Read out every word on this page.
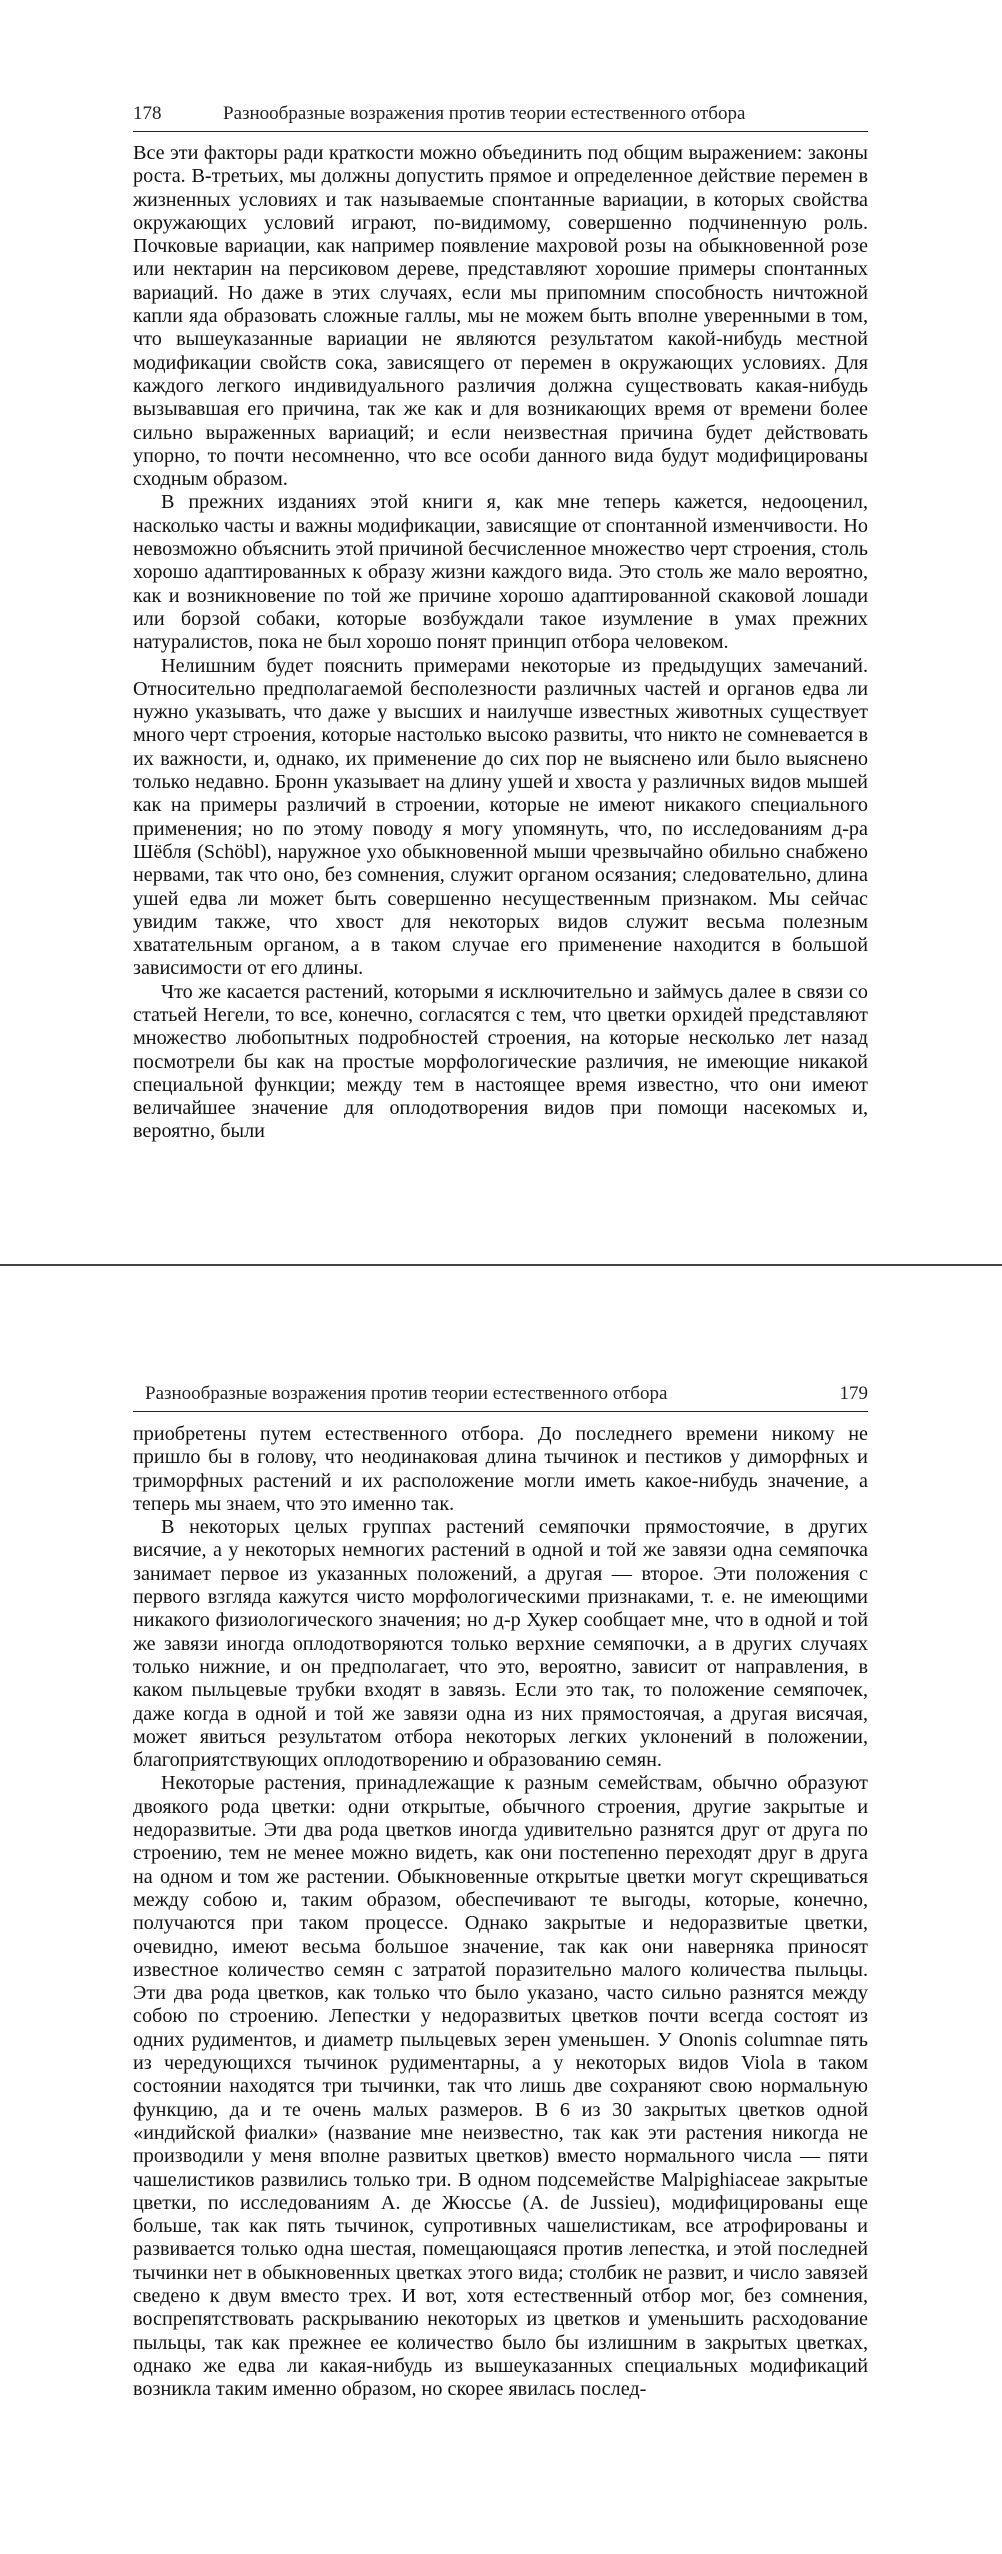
178	Разнообразные возражения против теории естественного отбора

Все эти факторы ради краткости можно объединить под общим выражением: законы роста. В-третьих, мы должны допустить прямое и определенное действие перемен в жизненных условиях и так называемые спонтанные вариации, в которых свойства окружающих условий играют, по-видимому, совершенно подчиненную роль. Почковые вариации, как например появление махровой розы на обыкновенной розе или нектарин на персиковом дереве, представляют хорошие примеры спонтанных вариаций. Но даже в этих случаях, если мы припомним способность ничтожной капли яда образовать сложные галлы, мы не можем быть вполне уверенными в том, что вышеуказанные вариации не являются результатом какой-нибудь местной модификации свойств сока, зависящего от перемен в окружающих условиях. Для каждого легкого индивидуального различия должна существовать какая-нибудь вызывавшая его причина, так же как и для возникающих время от времени более сильно выраженных вариаций; и если неизвестная причина будет действовать упорно, то почти несомненно, что все особи данного вида будут модифицированы сходным образом.

В прежних изданиях этой книги я, как мне теперь кажется, недооценил, насколько часты и важны модификации, зависящие от спонтанной изменчивости. Но невозможно объяснить этой причиной бесчисленное множество черт строения, столь хорошо адаптированных к образу жизни каждого вида. Это столь же мало вероятно, как и возникновение по той же причине хорошо адаптированной скаковой лошади или борзой собаки, которые возбуждали такое изумление в умах прежних натуралистов, пока не был хорошо понят принцип отбора человеком.

Нелишним будет пояснить примерами некоторые из предыдущих замечаний. Относительно предполагаемой бесполезности различных частей и органов едва ли нужно указывать, что даже у высших и наилучше известных животных существует много черт строения, которые настолько высоко развиты, что никто не сомневается в их важности, и, однако, их применение до сих пор не выяснено или было выяснено только недавно. Бронн указывает на длину ушей и хвоста у различных видов мышей как на примеры различий в строении, которые не имеют никакого специального применения; но по этому поводу я могу упомянуть, что, по исследованиям д-ра Шёбля (Schöbl), наружное ухо обыкновенной мыши чрезвычайно обильно снабжено нервами, так что оно, без сомнения, служит органом осязания; следовательно, длина ушей едва ли может быть совершенно несущественным признаком. Мы сейчас увидим также, что хвост для некоторых видов служит весьма полезным хватательным органом, а в таком случае его применение находится в большой зависимости от его длины.

Что же касается растений, которыми я исключительно и займусь далее в связи со статьей Негели, то все, конечно, согласятся с тем, что цветки орхидей представляют множество любопытных подробностей строения, на которые несколько лет назад посмотрели бы как на простые морфологические различия, не имеющие никакой специальной функции; между тем в настоящее время известно, что они имеют величайшее значение для оплодотворения видов при помощи насекомых и, вероятно, были

Разнообразные возражения против теории естественного отбора	179

приобретены путем естественного отбора. До последнего времени никому не пришло бы в голову, что неодинаковая длина тычинок и пестиков у диморфных и триморфных растений и их расположение могли иметь какое-нибудь значение, а теперь мы знаем, что это именно так.

В некоторых целых группах растений семяпочки прямостоячие, в других висячие, а у некоторых немногих растений в одной и той же завязи одна семяпочка занимает первое из указанных положений, а другая — второе. Эти положения с первого взгляда кажутся чисто морфологическими признаками, т. е. не имеющими никакого физиологического значения; но д-р Хукер сообщает мне, что в одной и той же завязи иногда оплодотворяются только верхние семяпочки, а в других случаях только нижние, и он предполагает, что это, вероятно, зависит от направления, в каком пыльцевые трубки входят в завязь. Если это так, то положение семяпочек, даже когда в одной и той же завязи одна из них прямостоячая, а другая висячая, может явиться результатом отбора некоторых легких уклонений в положении, благоприятствующих оплодотворению и образованию семян.

Некоторые растения, принадлежащие к разным семействам, обычно образуют двоякого рода цветки: одни открытые, обычного строения, другие закрытые и недоразвитые. Эти два рода цветков иногда удивительно разнятся друг от друга по строению, тем не менее можно видеть, как они постепенно переходят друг в друга на одном и том же растении. Обыкновенные открытые цветки могут скрещиваться между собою и, таким образом, обеспечивают те выгоды, которые, конечно, получаются при таком процессе. Однако закрытые и недоразвитые цветки, очевидно, имеют весьма большое значение, так как они наверняка приносят известное количество семян с затратой поразительно малого количества пыльцы. Эти два рода цветков, как только что было указано, часто сильно разнятся между собою по строению. Лепестки у недоразвитых цветков почти всегда состоят из одних рудиментов, и диаметр пыльцевых зерен уменьшен. У Ononis columnae пять из чередующихся тычинок рудиментарны, а у некоторых видов Viola в таком состоянии находятся три тычинки, так что лишь две сохраняют свою нормальную функцию, да и те очень малых размеров. В 6 из 30 закрытых цветков одной «индийской фиалки» (название мне неизвестно, так как эти растения никогда не производили у меня вполне развитых цветков) вместо нормального числа — пяти чашелистиков развились только три. В одном подсемействе Malpighiaceae закрытые цветки, по исследованиям А. де Жюссье (A. de Jussieu), модифицированы еще больше, так как пять тычинок, супротивных чашелистикам, все атрофированы и развивается только одна шестая, помещающаяся против лепестка, и этой последней тычинки нет в обыкновенных цветках этого вида; столбик не развит, и число завязей сведено к двум вместо трех. И вот, хотя естественный отбор мог, без сомнения, воспрепятствовать раскрыванию некоторых из цветков и уменьшить расходование пыльцы, так как прежнее ее количество было бы излишним в закрытых цветках, однако же едва ли какая-нибудь из вышеуказанных специальных модификаций возникла таким именно образом, но скорее явилась послед-
